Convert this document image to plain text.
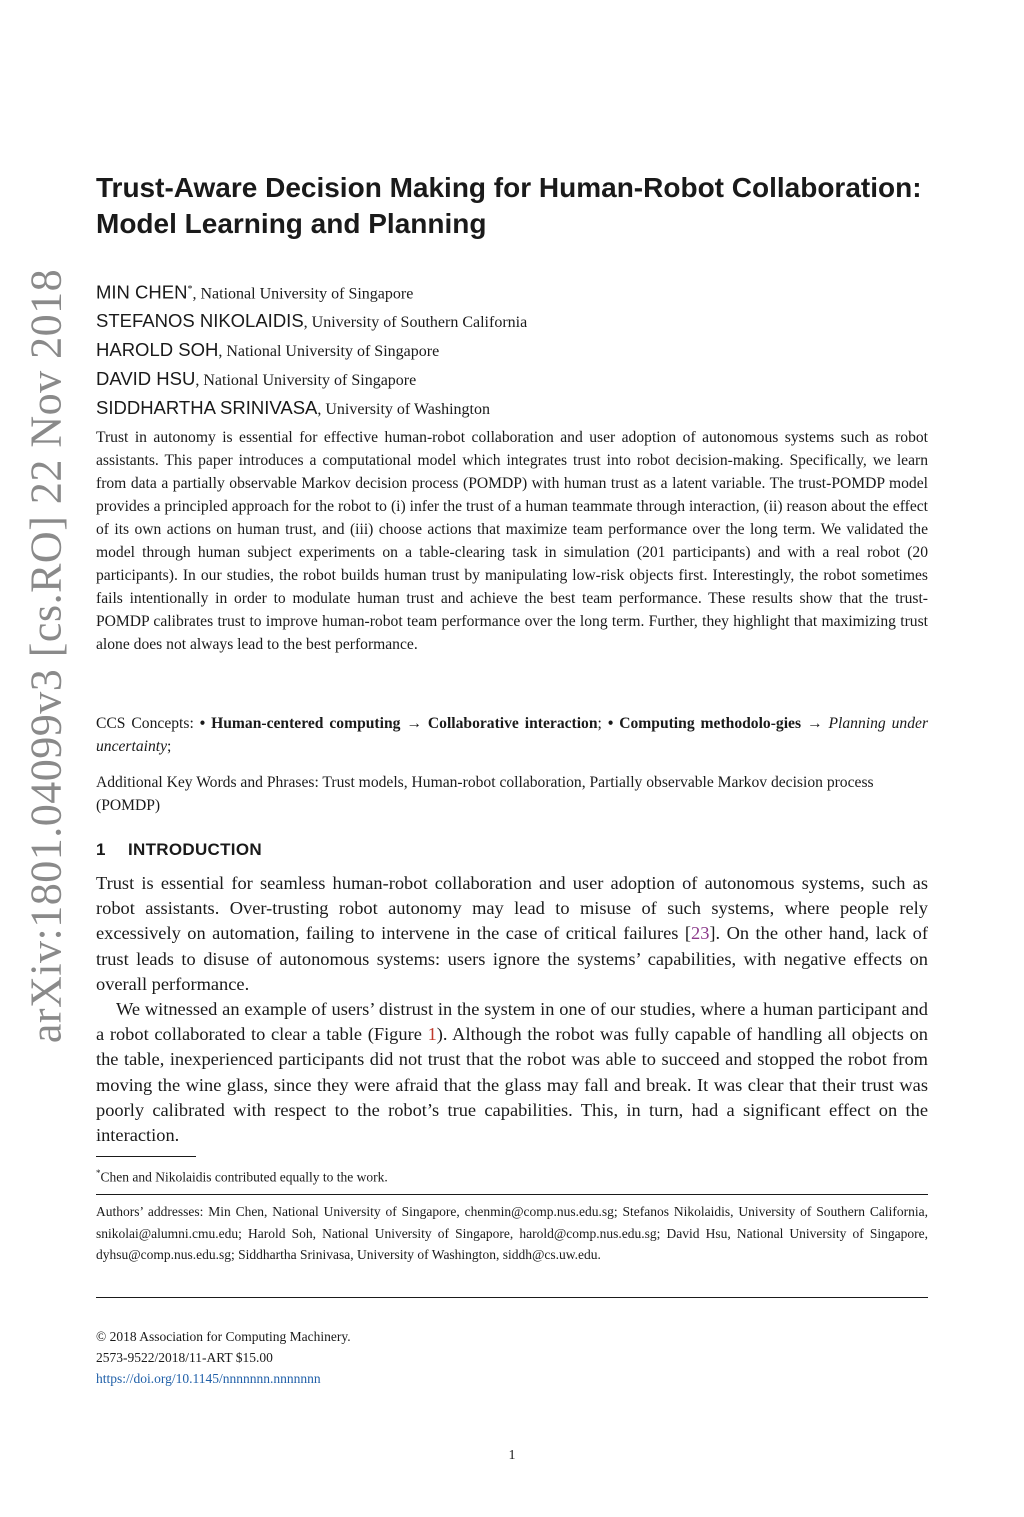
arXiv:1801.04099v3 [cs.RO] 22 Nov 2018
Trust-Aware Decision Making for Human-Robot Collaboration: Model Learning and Planning

MIN CHEN*, National University of Singapore

STEFANOS NIKOLAIDIS, University of Southern California

HAROLD SOH, National University of Singapore

DAVID HSU, National University of Singapore

SIDDHARTHA SRINIVASA, University of Washington

Trust in autonomy is essential for effective human-robot collaboration and user adoption of autonomous systems such as robot assistants. This paper introduces a computational model which integrates trust into robot decision-making. Specifically, we learn from data a partially observable Markov decision process (POMDP) with human trust as a latent variable. The trust-POMDP model provides a principled approach for the robot to (i) infer the trust of a human teammate through interaction, (ii) reason about the effect of its own actions on human trust, and (iii) choose actions that maximize team performance over the long term. We validated the model through human subject experiments on a table-clearing task in simulation (201 participants) and with a real robot (20 participants). In our studies, the robot builds human trust by manipulating low-risk objects first. Interestingly, the robot sometimes fails intentionally in order to modulate human trust and achieve the best team performance. These results show that the trust-POMDP calibrates trust to improve human-robot team performance over the long term. Further, they highlight that maximizing trust alone does not always lead to the best performance.

CCS Concepts: • Human-centered computing → Collaborative interaction; • Computing methodolo-gies → Planning under uncertainty;

Additional Key Words and Phrases: Trust models, Human-robot collaboration, Partially observable Markov decision process (POMDP)

1 INTRODUCTION

Trust is essential for seamless human-robot collaboration and user adoption of autonomous systems, such as robot assistants. Over-trusting robot autonomy may lead to misuse of such systems, where people rely excessively on automation, failing to intervene in the case of critical failures [23]. On the other hand, lack of trust leads to disuse of autonomous systems: users ignore the systems’ capabilities, with negative effects on overall performance.

We witnessed an example of users’ distrust in the system in one of our studies, where a human participant and a robot collaborated to clear a table (Figure 1). Although the robot was fully capable of handling all objects on the table, inexperienced participants did not trust that the robot was able to succeed and stopped the robot from moving the wine glass, since they were afraid that the glass may fall and break. It was clear that their trust was poorly calibrated with respect to the robot’s true capabilities. This, in turn, had a significant effect on the interaction.

*Chen and Nikolaidis contributed equally to the work.

Authors’ addresses: Min Chen, National University of Singapore, chenmin@comp.nus.edu.sg; Stefanos Nikolaidis, University of Southern California, snikolai@alumni.cmu.edu; Harold Soh, National University of Singapore, harold@comp.nus.edu.sg; David Hsu, National University of Singapore, dyhsu@comp.nus.edu.sg; Siddhartha Srinivasa, University of Washington, siddh@cs.uw.edu.

© 2018 Association for Computing Machinery.
2573-9522/2018/11-ART $15.00
https://doi.org/10.1145/nnnnnnn.nnnnnnn
1
